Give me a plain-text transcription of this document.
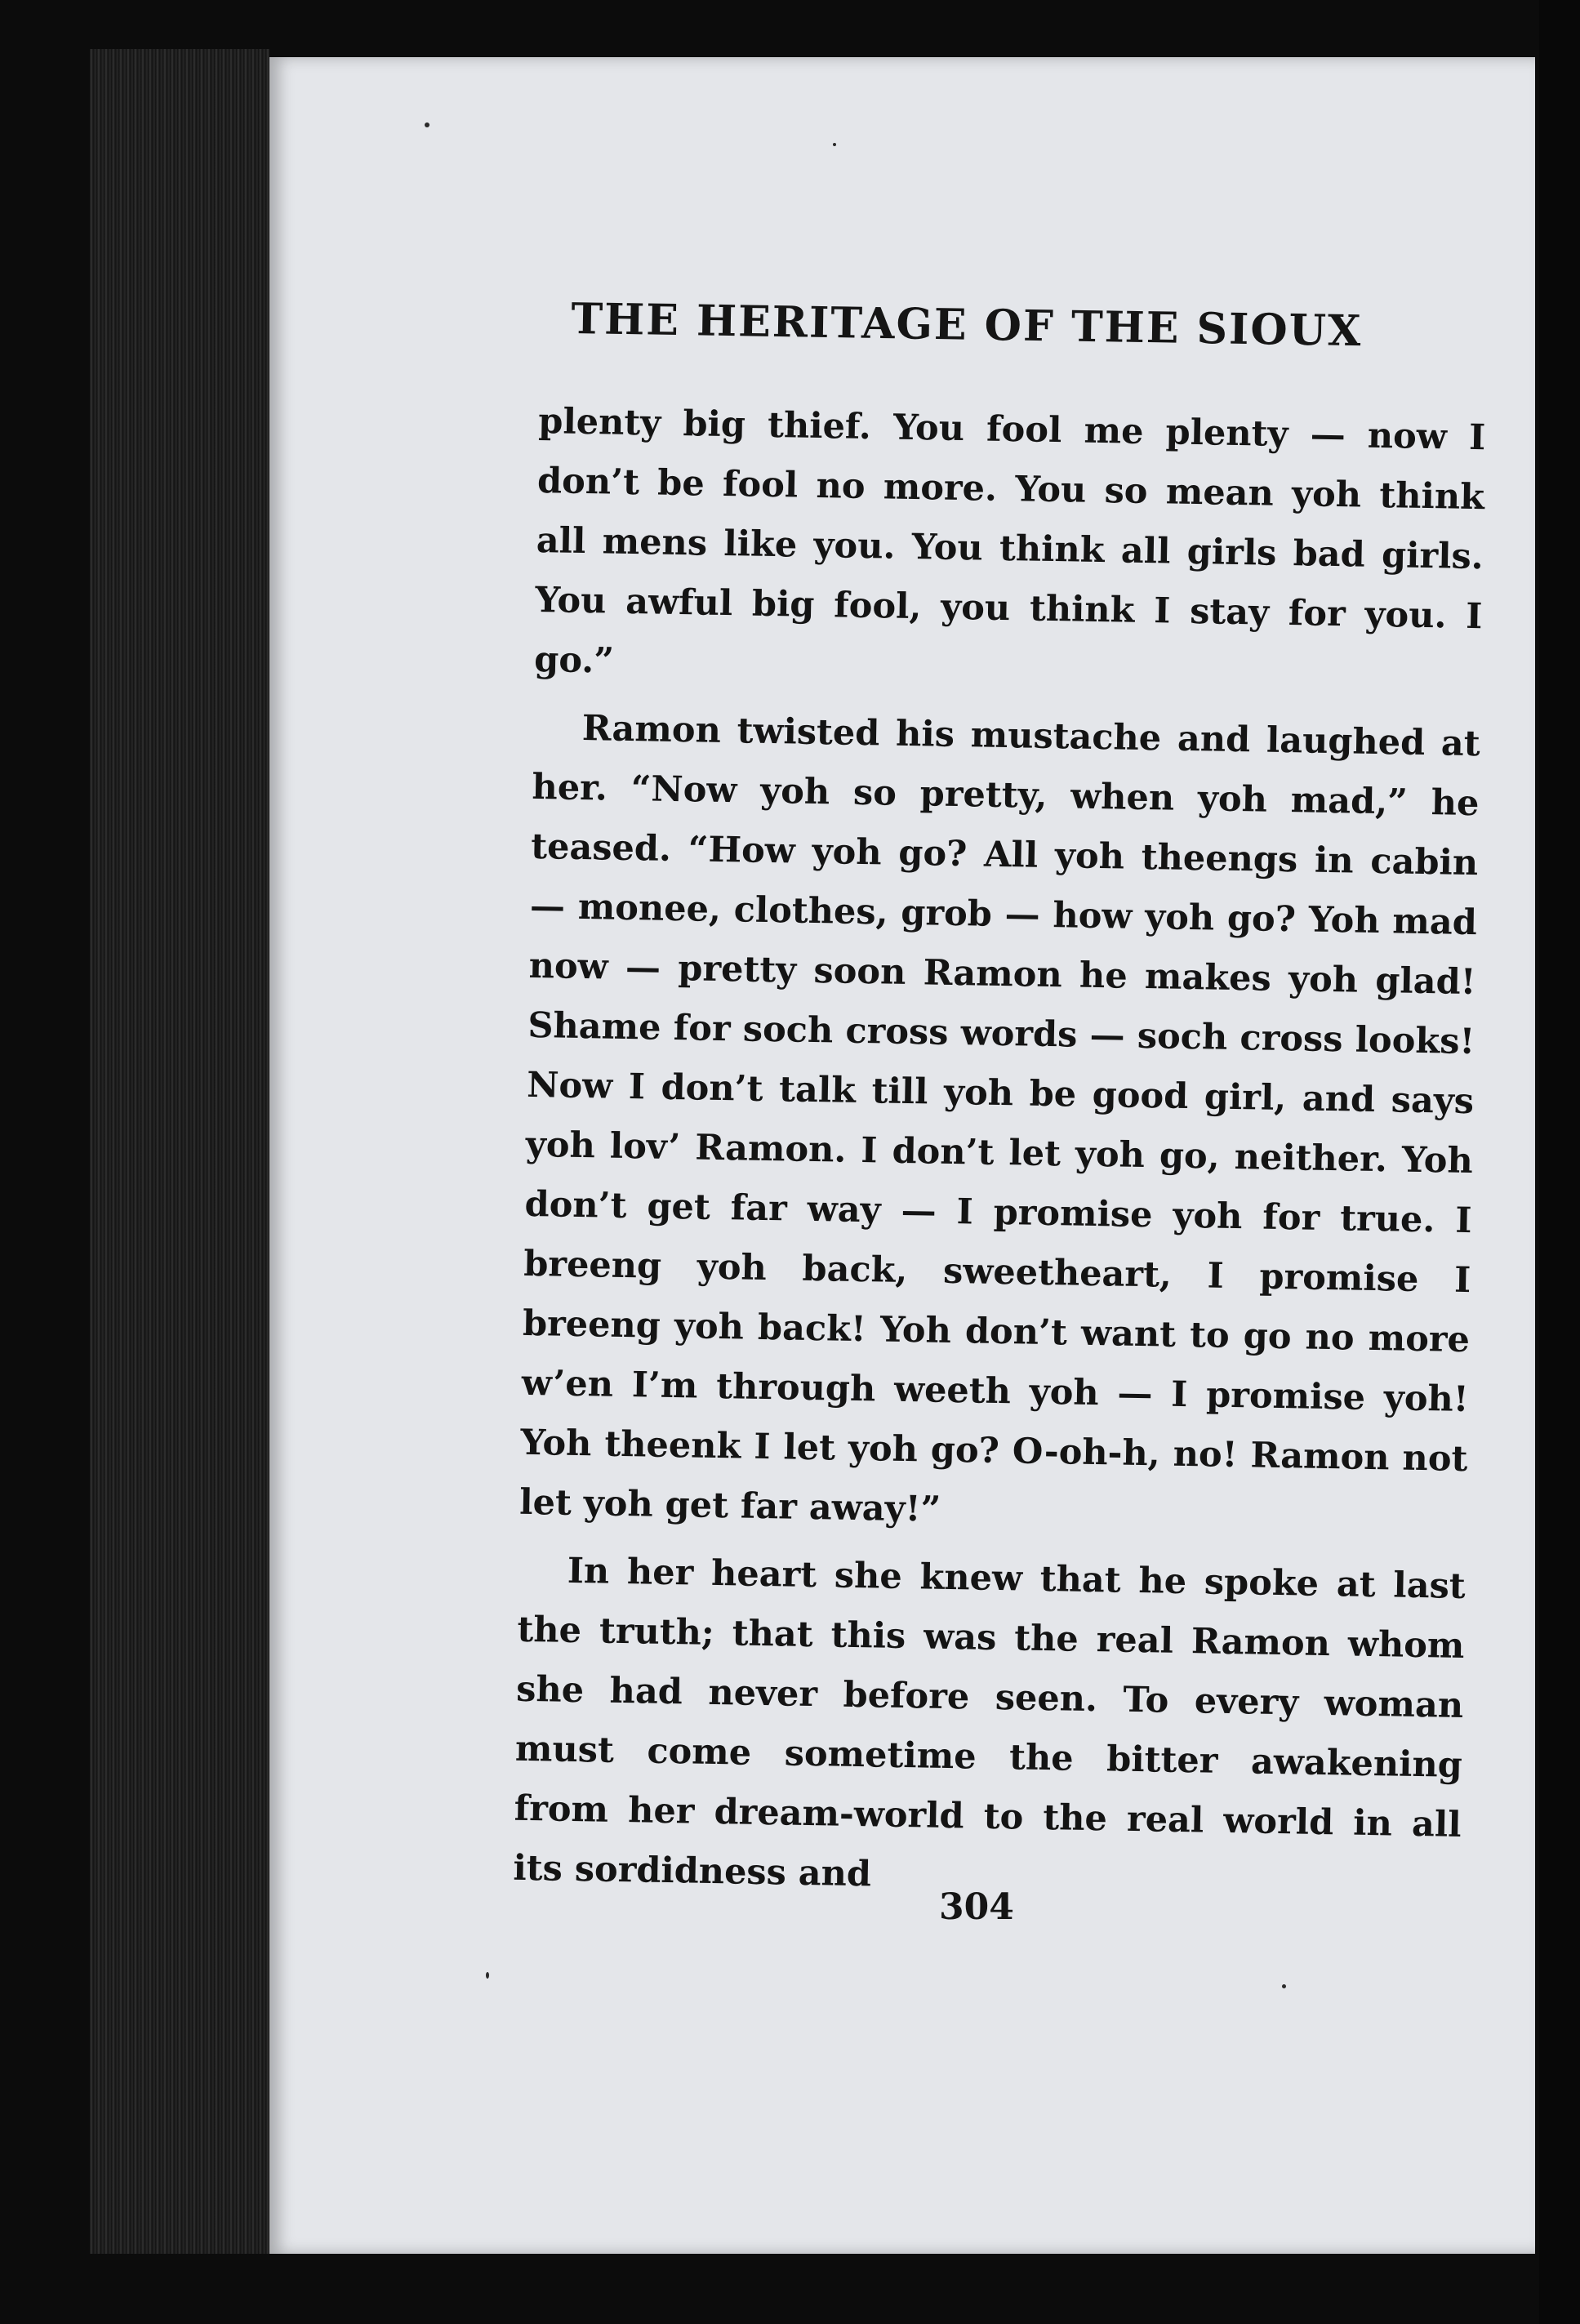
THE HERITAGE OF THE SIOUX

plenty big thief. You fool me plenty — now I don’t be fool no more. You so mean yoh think all mens like you. You think all girls bad girls. You awful big fool, you think I stay for you. I go.”

Ramon twisted his mustache and laughed at her. “Now yoh so pretty, when yoh mad,” he teased. “How yoh go? All yoh theengs in cabin — monee, clothes, grob — how yoh go? Yoh mad now — pretty soon Ramon he makes yoh glad! Shame for soch cross words — soch cross looks! Now I don’t talk till yoh be good girl, and says yoh lov’ Ramon. I don’t let yoh go, neither. Yoh don’t get far way — I promise yoh for true. I breeng yoh back, sweetheart, I promise I breeng yoh back! Yoh don’t want to go no more w’en I’m through weeth yoh — I promise yoh! Yoh theenk I let yoh go? O-oh-h, no! Ramon not let yoh get far away!”

In her heart she knew that he spoke at last the truth; that this was the real Ramon whom she had never before seen. To every woman must come sometime the bitter awakening from her dream-world to the real world in all its sordidness and

304
